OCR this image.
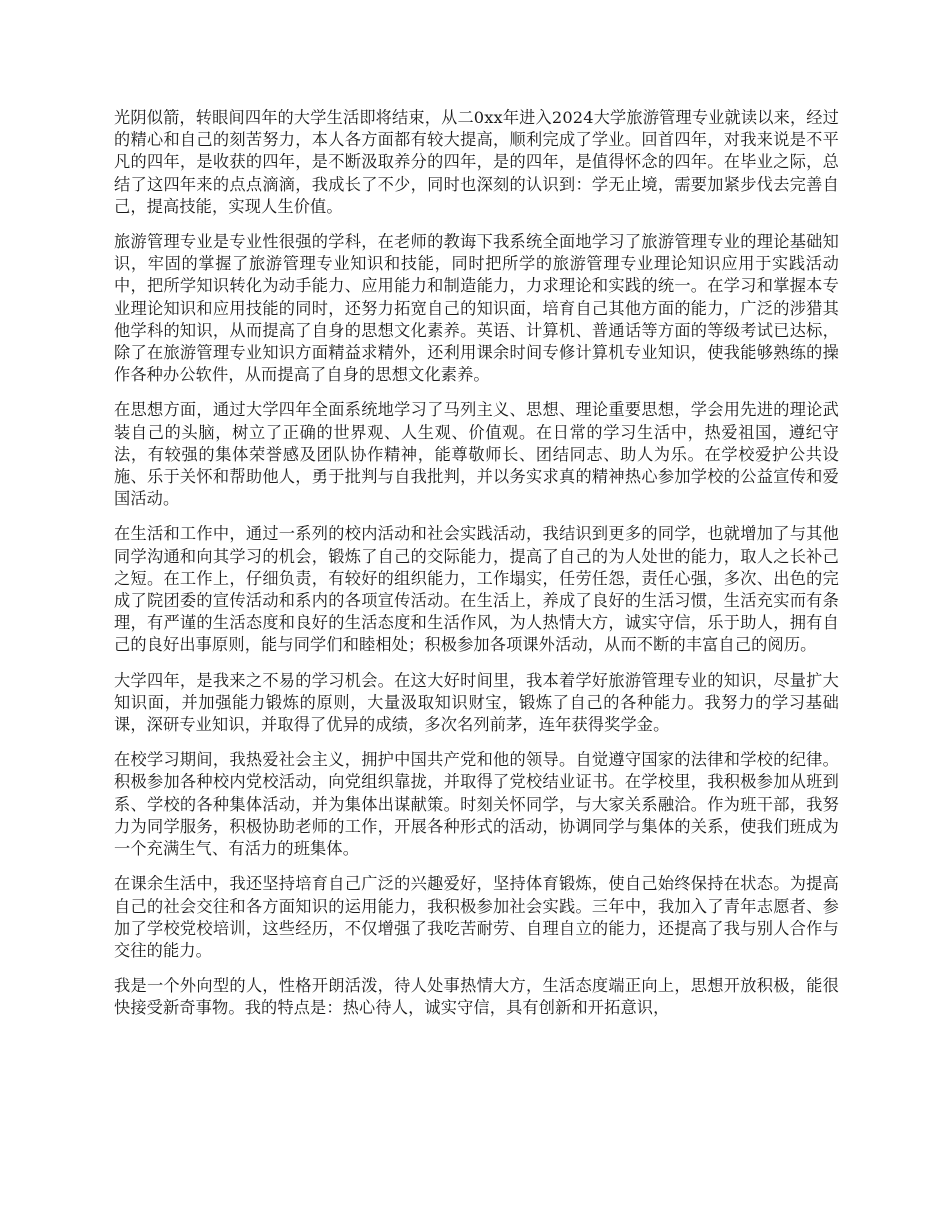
光阴似箭，转眼间四年的大学生活即将结束，从二0xx年进入2024大学旅游管理专业就读以来，经过的精心和自己的刻苦努力，本人各方面都有较大提高，顺利完成了学业。回首四年，对我来说是不平凡的四年，是收获的四年，是不断汲取养分的四年，是的四年，是值得怀念的四年。在毕业之际，总结了这四年来的点点滴滴，我成长了不少，同时也深刻的认识到：学无止境，需要加紧步伐去完善自己，提高技能，实现人生价值。

旅游管理专业是专业性很强的学科，在老师的教诲下我系统全面地学习了旅游管理专业的理论基础知识，牢固的掌握了旅游管理专业知识和技能，同时把所学的旅游管理专业理论知识应用于实践活动中，把所学知识转化为动手能力、应用能力和制造能力，力求理论和实践的统一。在学习和掌握本专业理论知识和应用技能的同时，还努力拓宽自己的知识面，培育自己其他方面的能力，广泛的涉猎其他学科的知识，从而提高了自身的思想文化素养。英语、计算机、普通话等方面的等级考试已达标，除了在旅游管理专业知识方面精益求精外，还利用课余时间专修计算机专业知识，使我能够熟练的操作各种办公软件，从而提高了自身的思想文化素养。

在思想方面，通过大学四年全面系统地学习了马列主义、思想、理论重要思想，学会用先进的理论武装自己的头脑，树立了正确的世界观、人生观、价值观。在日常的学习生活中，热爱祖国，遵纪守法，有较强的集体荣誉感及团队协作精神，能尊敬师长、团结同志、助人为乐。在学校爱护公共设施、乐于关怀和帮助他人，勇于批判与自我批判，并以务实求真的精神热心参加学校的公益宣传和爱国活动。

在生活和工作中，通过一系列的校内活动和社会实践活动，我结识到更多的同学，也就增加了与其他同学沟通和向其学习的机会，锻炼了自己的交际能力，提高了自己的为人处世的能力，取人之长补己之短。在工作上，仔细负责，有较好的组织能力，工作塌实，任劳任怨，责任心强，多次、出色的完成了院团委的宣传活动和系内的各项宣传活动。在生活上，养成了良好的生活习惯，生活充实而有条理，有严谨的生活态度和良好的生活态度和生活作风，为人热情大方，诚实守信，乐于助人，拥有自己的良好出事原则，能与同学们和睦相处；积极参加各项课外活动，从而不断的丰富自己的阅历。

大学四年，是我来之不易的学习机会。在这大好时间里，我本着学好旅游管理专业的知识，尽量扩大知识面，并加强能力锻炼的原则，大量汲取知识财宝，锻炼了自己的各种能力。我努力的学习基础课，深研专业知识，并取得了优异的成绩，多次名列前茅，连年获得奖学金。

在校学习期间，我热爱社会主义，拥护中国共产党和他的领导。自觉遵守国家的法律和学校的纪律。积极参加各种校内党校活动，向党组织靠拢，并取得了党校结业证书。在学校里，我积极参加从班到系、学校的各种集体活动，并为集体出谋献策。时刻关怀同学，与大家关系融洽。作为班干部，我努力为同学服务，积极协助老师的工作，开展各种形式的活动，协调同学与集体的关系，使我们班成为一个充满生气、有活力的班集体。

在课余生活中，我还坚持培育自己广泛的兴趣爱好，坚持体育锻炼，使自己始终保持在状态。为提高自己的社会交往和各方面知识的运用能力，我积极参加社会实践。三年中，我加入了青年志愿者、参加了学校党校培训，这些经历，不仅增强了我吃苦耐劳、自理自立的能力，还提高了我与别人合作与交往的能力。

我是一个外向型的人，性格开朗活泼，待人处事热情大方，生活态度端正向上，思想开放积极，能很快接受新奇事物。我的特点是：热心待人，诚实守信，具有创新和开拓意识，
